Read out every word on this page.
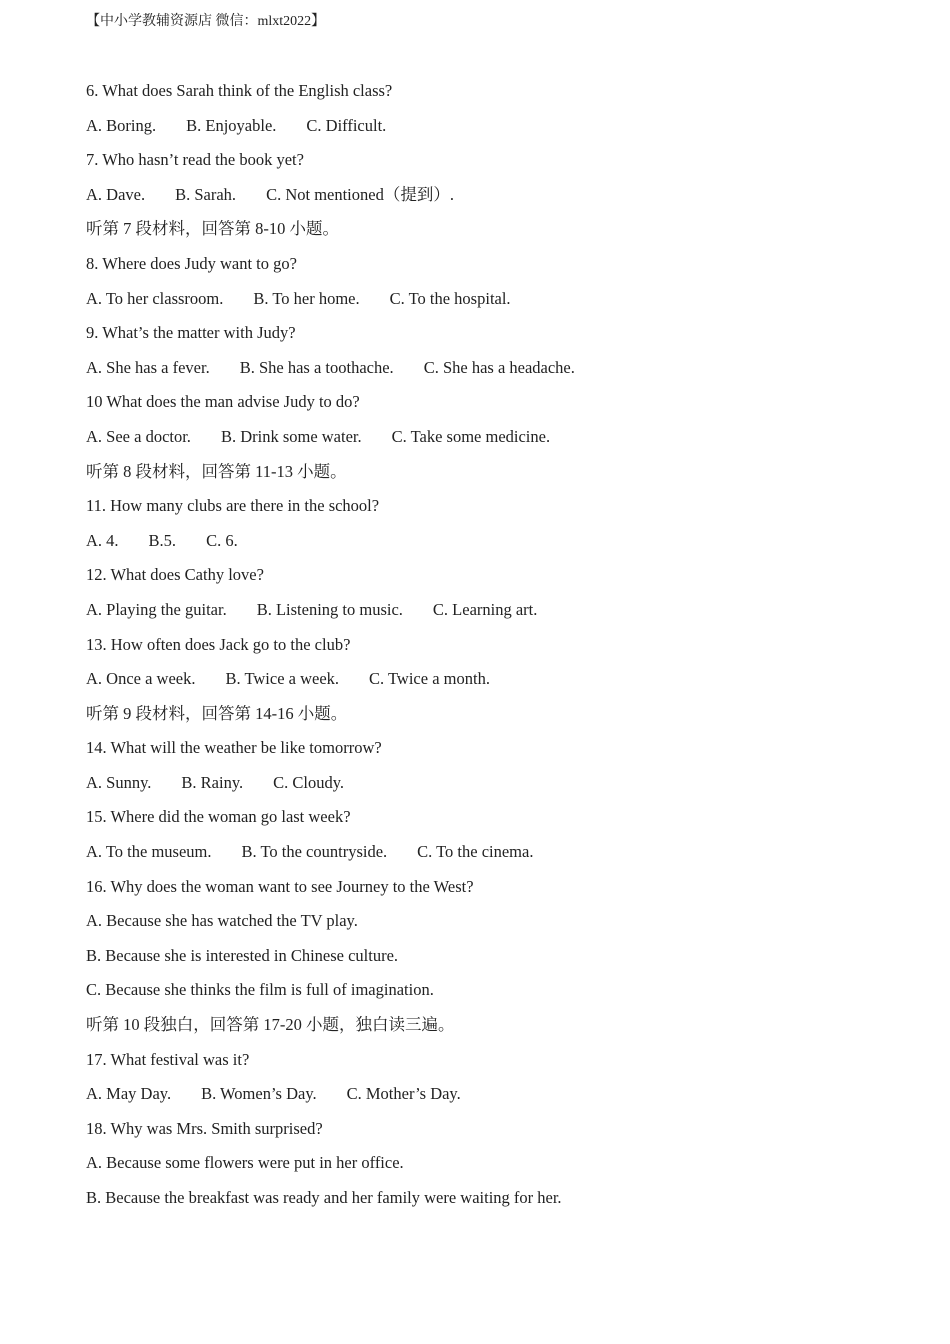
【中小学教辅资源店 微信：mlxt2022】
6. What does Sarah think of the English class?
A. Boring. B. Enjoyable. C. Difficult.
7. Who hasn’t read the book yet?
A. Dave. B. Sarah. C. Not mentioned（提到）.
听第 7 段材料，回答第 8-10 小题。
8. Where does Judy want to go?
A. To her classroom. B. To her home. C. To the hospital.
9. What’s the matter with Judy?
A. She has a fever. B. She has a toothache. C. She has a headache.
10 What does the man advise Judy to do?
A. See a doctor. B. Drink some water. C. Take some medicine.
听第 8 段材料，回答第 11-13 小题。
11. How many clubs are there in the school?
A. 4. B.5. C. 6.
12. What does Cathy love?
A. Playing the guitar. B. Listening to music. C. Learning art.
13. How often does Jack go to the club?
A. Once a week. B. Twice a week. C. Twice a month.
听第 9 段材料，回答第 14-16 小题。
14. What will the weather be like tomorrow?
A. Sunny. B. Rainy. C. Cloudy.
15. Where did the woman go last week?
A. To the museum. B. To the countryside. C. To the cinema.
16. Why does the woman want to see Journey to the West?
A. Because she has watched the TV play.
B. Because she is interested in Chinese culture.
C. Because she thinks the film is full of imagination.
听第 10 段独白，回答第 17-20 小题，独白读三遍。
17. What festival was it?
A. May Day. B. Women’s Day. C. Mother’s Day.
18. Why was Mrs. Smith surprised?
A. Because some flowers were put in her office.
B. Because the breakfast was ready and her family were waiting for her.
